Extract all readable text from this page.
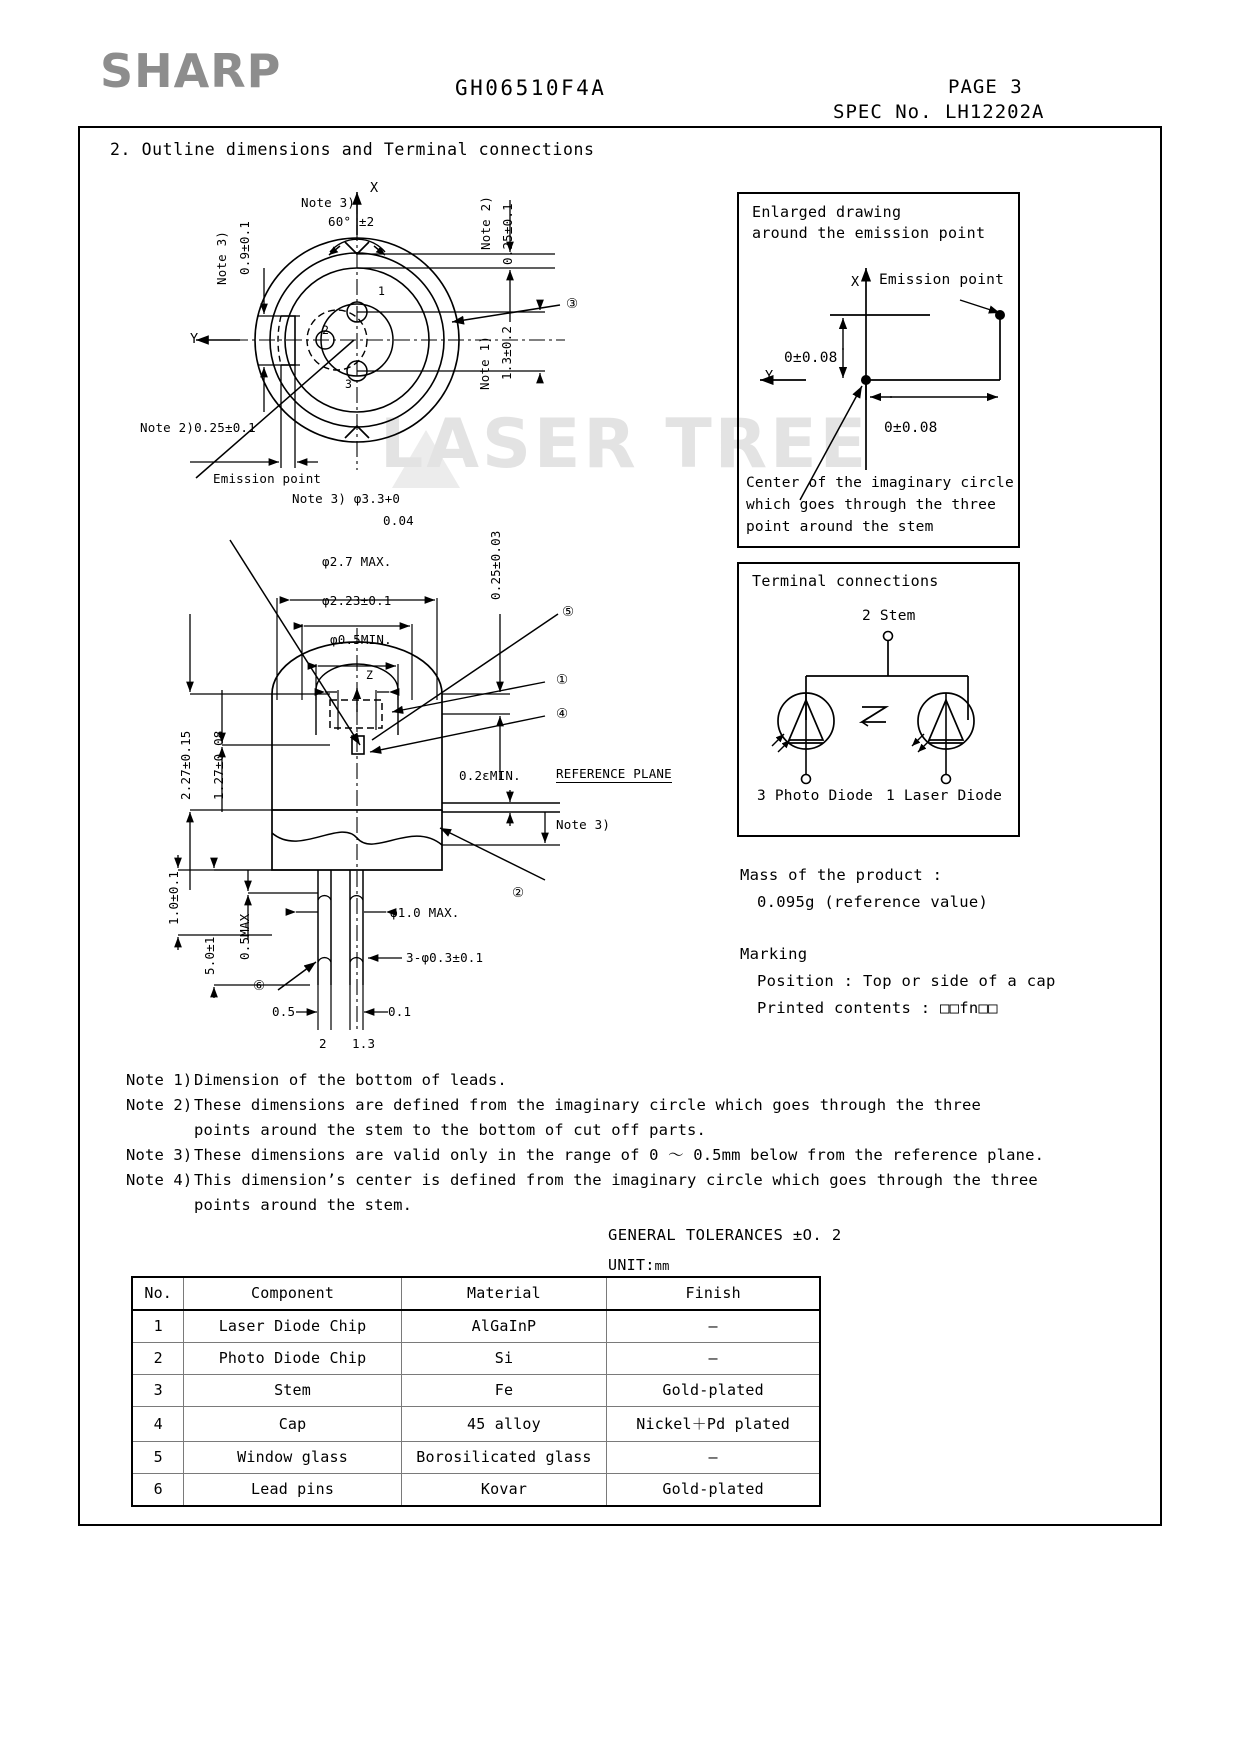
SHARP	GH06510F4A	PAGE 3
SPEC No. LH12202A
2. Outline dimensions and Terminal connections
LASER TREE
Note 3)
60° ±2
X
Y
Note 3) 0.9±0.1	Note 2) 0.25±0.1
Note 1) 1.3±0.2
Note 2)0.25±0.1
③
1
2
3
Emission point
Note 3) φ3.3+0
0.04
φ2.7 MAX.
φ2.23±0.1
φ0.5MIN.
Z
0.25±0.03
2.27±0.15 1.27±0.08	0.2εMIN.	REFERENCE PLANE
Note 3)
1.0±0.1
5.0±1 0.5MAX
φ1.0 MAX.
3-φ0.3±0.1
0.5	0.1
2 1.3
①
②
④
⑤
⑥
Enlarged drawing
around the emission point
X
Y
Emission point
0±0.08
0±0.08
Center of the imaginary circle
which goes through the three
point around the stem
Terminal connections
2 Stem
3 Photo Diode 1 Laser Diode
Mass of the product :
0.095g (reference value)
Marking
Position : Top or side of a cap
Printed contents : □□fn□□
Note 1) Dimension of the bottom of leads.
Note 2) These dimensions are defined from the imaginary circle which goes through the three
points around the stem to the bottom of cut off parts.
Note 3) These dimensions are valid only in the range of 0 ～ 0.5mm below from the reference plane.
Note 4) This dimension’s center is defined from the imaginary circle which goes through the three
points around the stem.
GENERAL TOLERANCES ±O. 2
UNIT:mm
No.	Component	Material	Finish
1	Laser Diode Chip	AlGaInP	–
2	Photo Diode Chip	Si	–
3	Stem	Fe	Gold-plated
4	Cap	45 alloy	Nickel＋Pd plated
5	Window glass	Borosilicated glass	–
6	Lead pins	Kovar	Gold-plated
